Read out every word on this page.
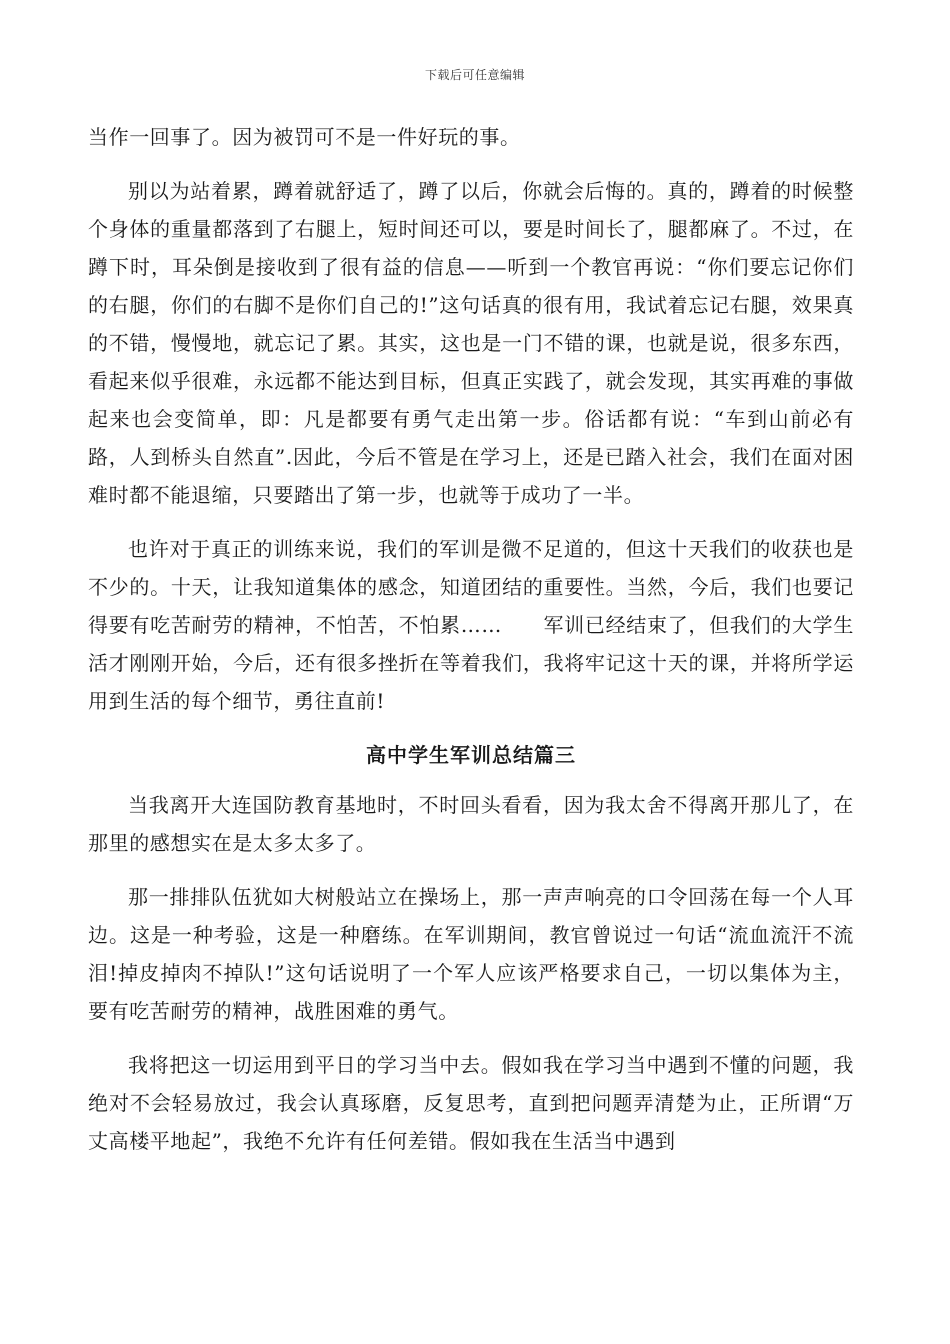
下载后可任意编辑

当作一回事了。因为被罚可不是一件好玩的事。

别以为站着累，蹲着就舒适了，蹲了以后，你就会后悔的。真的，蹲着的时候整个身体的重量都落到了右腿上，短时间还可以，要是时间长了，腿都麻了。不过，在蹲下时，耳朵倒是接收到了很有益的信息——听到一个教官再说：“你们要忘记你们的右腿，你们的右脚不是你们自己的!”这句话真的很有用，我试着忘记右腿，效果真的不错，慢慢地，就忘记了累。其实，这也是一门不错的课，也就是说，很多东西，看起来似乎很难，永远都不能达到目标，但真正实践了，就会发现，其实再难的事做起来也会变简单，即：凡是都要有勇气走出第一步。俗话都有说：“车到山前必有路，人到桥头自然直”.因此，今后不管是在学习上，还是已踏入社会，我们在面对困难时都不能退缩，只要踏出了第一步，也就等于成功了一半。

也许对于真正的训练来说，我们的军训是微不足道的，但这十天我们的收获也是不少的。十天，让我知道集体的感念，知道团结的重要性。当然，今后，我们也要记得要有吃苦耐劳的精神，不怕苦，不怕累……　　军训已经结束了，但我们的大学生活才刚刚开始，今后，还有很多挫折在等着我们，我将牢记这十天的课，并将所学运用到生活的每个细节，勇往直前!

高中学生军训总结篇三

当我离开大连国防教育基地时，不时回头看看，因为我太舍不得离开那儿了，在那里的感想实在是太多太多了。

那一排排队伍犹如大树般站立在操场上，那一声声响亮的口令回荡在每一个人耳边。这是一种考验，这是一种磨练。在军训期间，教官曾说过一句话“流血流汗不流泪!掉皮掉肉不掉队!”这句话说明了一个军人应该严格要求自己，一切以集体为主，要有吃苦耐劳的精神，战胜困难的勇气。

我将把这一切运用到平日的学习当中去。假如我在学习当中遇到不懂的问题，我绝对不会轻易放过，我会认真琢磨，反复思考，直到把问题弄清楚为止，正所谓“万丈高楼平地起”，我绝不允许有任何差错。假如我在生活当中遇到
